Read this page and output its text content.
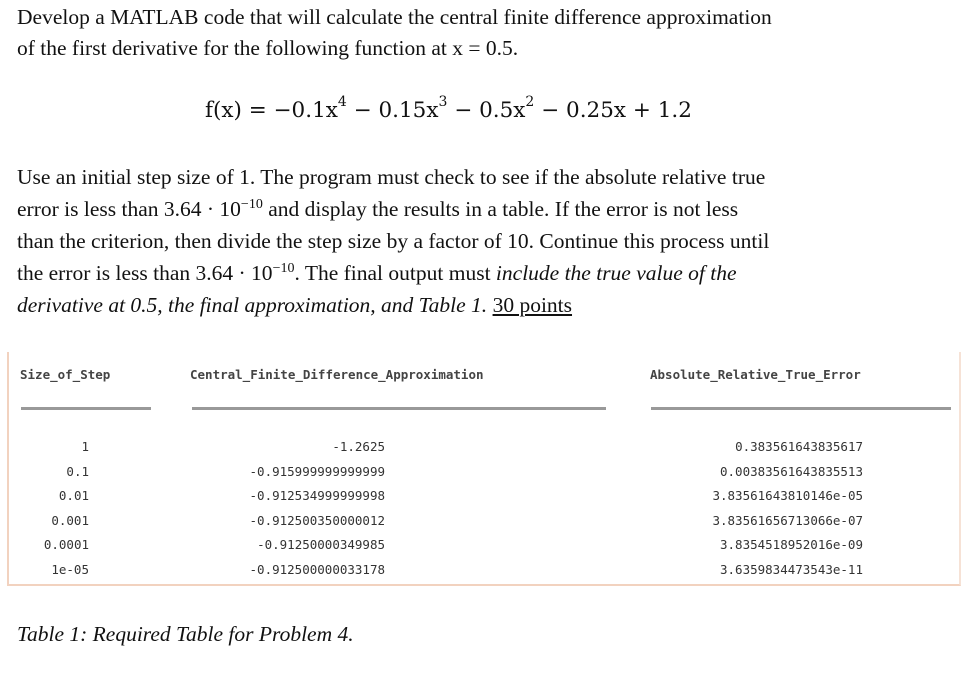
Develop a MATLAB code that will calculate the central finite difference approximation
of the first derivative for the following function at x = 0.5.
$f(x) = -0.1x^4 - 0.15x^3 - 0.5x^2 - 0.25x + 1.2$
Use an initial step size of 1. The program must check to see if the absolute relative true
error is less than $3.64 \cdot 10^{-10}$ and display the results in a table. If the error is not less
than the criterion, then divide the step size by a factor of 10. Continue this process until
the error is less than $3.64 \cdot 10^{-10}$. The final output must include the true value of the
derivative at 0.5, the final approximation, and Table 1. 30 points
Size_of_Step	Central_Finite_Difference_Approximation	Absolute_Relative_True_Error
1	-1.2625	0.383561643835617
0.1	-0.915999999999999	0.00383561643835513
0.01	-0.912534999999998	3.83561643810146e-05
0.001	-0.912500350000012	3.83561656713066e-07
0.0001	-0.91250000349985	3.8354518952016e-09
1e-05	-0.912500000033178	3.6359834473543e-11
Table 1: Required Table for Problem 4.
